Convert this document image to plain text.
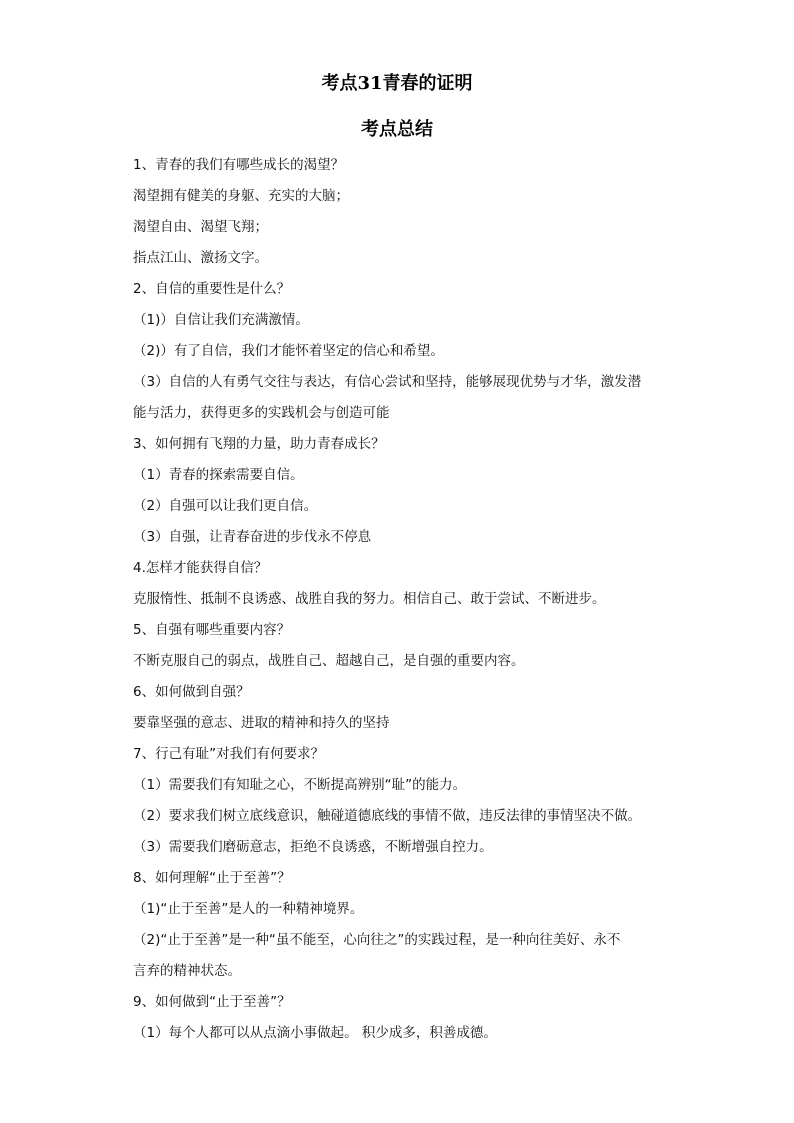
考点31青春的证明
考点总结
1、青春的我们有哪些成长的渴望？
渴望拥有健美的身躯、充实的大脑；
渴望自由、渴望飞翔；
指点江山、激扬文字。
2、自信的重要性是什么？
（1)）自信让我们充满激情。
（2)）有了自信，我们才能怀着坚定的信心和希望。
（3）自信的人有勇气交往与表达，有信心尝试和坚持，能够展现优势与才华，激发潜
能与活力，获得更多的实践机会与创造可能
3、如何拥有飞翔的力量，助力青春成长？
（1）青春的探索需要自信。
（2）自强可以让我们更自信。
（3）自强，让青春奋进的步伐永不停息
4.怎样才能获得自信？
克服惰性、抵制不良诱惑、战胜自我的努力。相信自己、敢于尝试、不断进步。
5、自强有哪些重要内容？
不断克服自己的弱点，战胜自己、超越自己，是自强的重要内容。
6、如何做到自强？
要靠坚强的意志、进取的精神和持久的坚持
7、行己有耻”对我们有何要求？
（1）需要我们有知耻之心，不断提高辨别“耻”的能力。
（2）要求我们树立底线意识，触碰道德底线的事情不做，违反法律的事情坚决不做。
（3）需要我们磨砺意志，拒绝不良诱惑，不断增强自控力。
8、如何理解“止于至善”？
（1)“止于至善”是人的一种精神境界。
（2)“止于至善”是一种“虽不能至，心向往之”的实践过程，是一种向往美好、永不
言弃的精神状态。
9、如何做到“止于至善”？
（1）每个人都可以从点滴小事做起。 积少成多，积善成德。
